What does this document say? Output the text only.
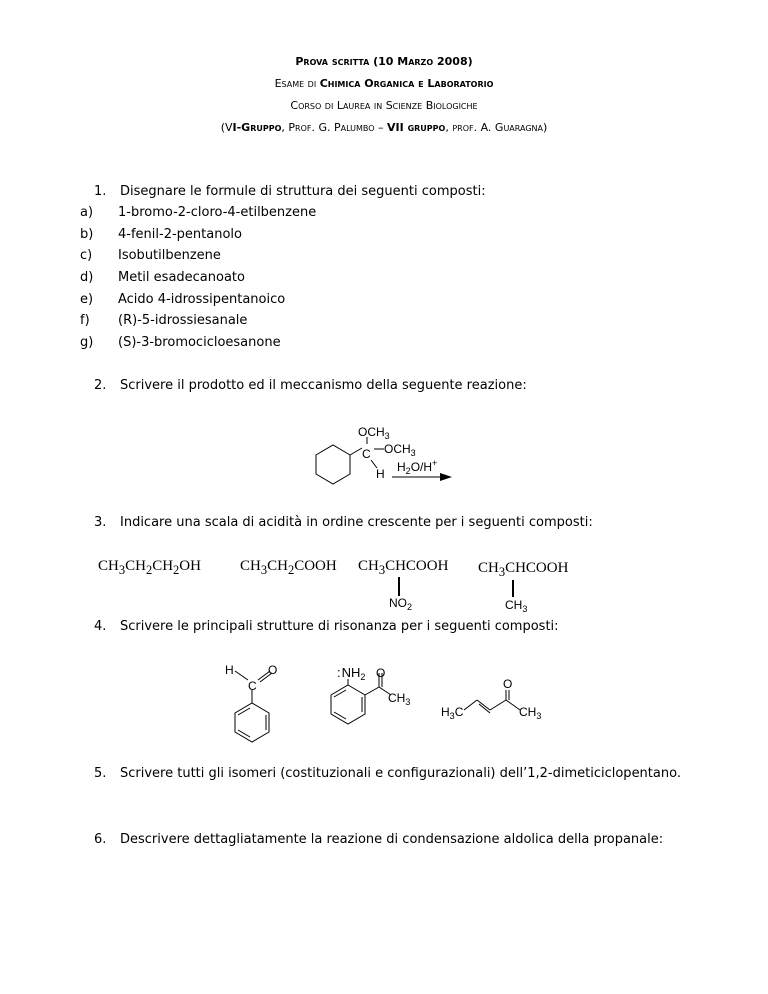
Prova scritta (10 Marzo 2008)
Esame di Chimica Organica e Laboratorio
Corso di Laurea in Scienze Biologiche
(VI-Gruppo, Prof. G. Palumbo – VII gruppo, prof. A. Guaragna)
1. Disegnare le formule di struttura dei seguenti composti:
a) 1-bromo-2-cloro-4-etilbenzene
b) 4-fenil-2-pentanolo
c) Isobutilbenzene
d) Metil esadecanoato
e) Acido 4-idrossipentanoico
f) (R)-5-idrossiesanale
g) (S)-3-bromocicloesanone
2. Scrivere il prodotto ed il meccanismo della seguente reazione:
$OCH_3$
C $OCH_3$
H $H_2O/H^+$
3. Indicare una scala di acidità in ordine crescente per i seguenti composti:
$CH_3CH_2CH_2OH$	$CH_3CH_2COOH$ $CH_3CHCOOH$ $CH_3CHCOOH$
$NO_2$	$CH_3$
4. Scrivere le principali strutture di risonanza per i seguenti composti:
H	O
C
$:NH_2$ O
$CH_3$
$H_3C$
O
$CH_3$
5. Scrivere tutti gli isomeri (costituzionali e configurazionali) dell’1,2-dimeticiclopentano.
6. Descrivere dettagliatamente la reazione di condensazione aldolica della propanale:
